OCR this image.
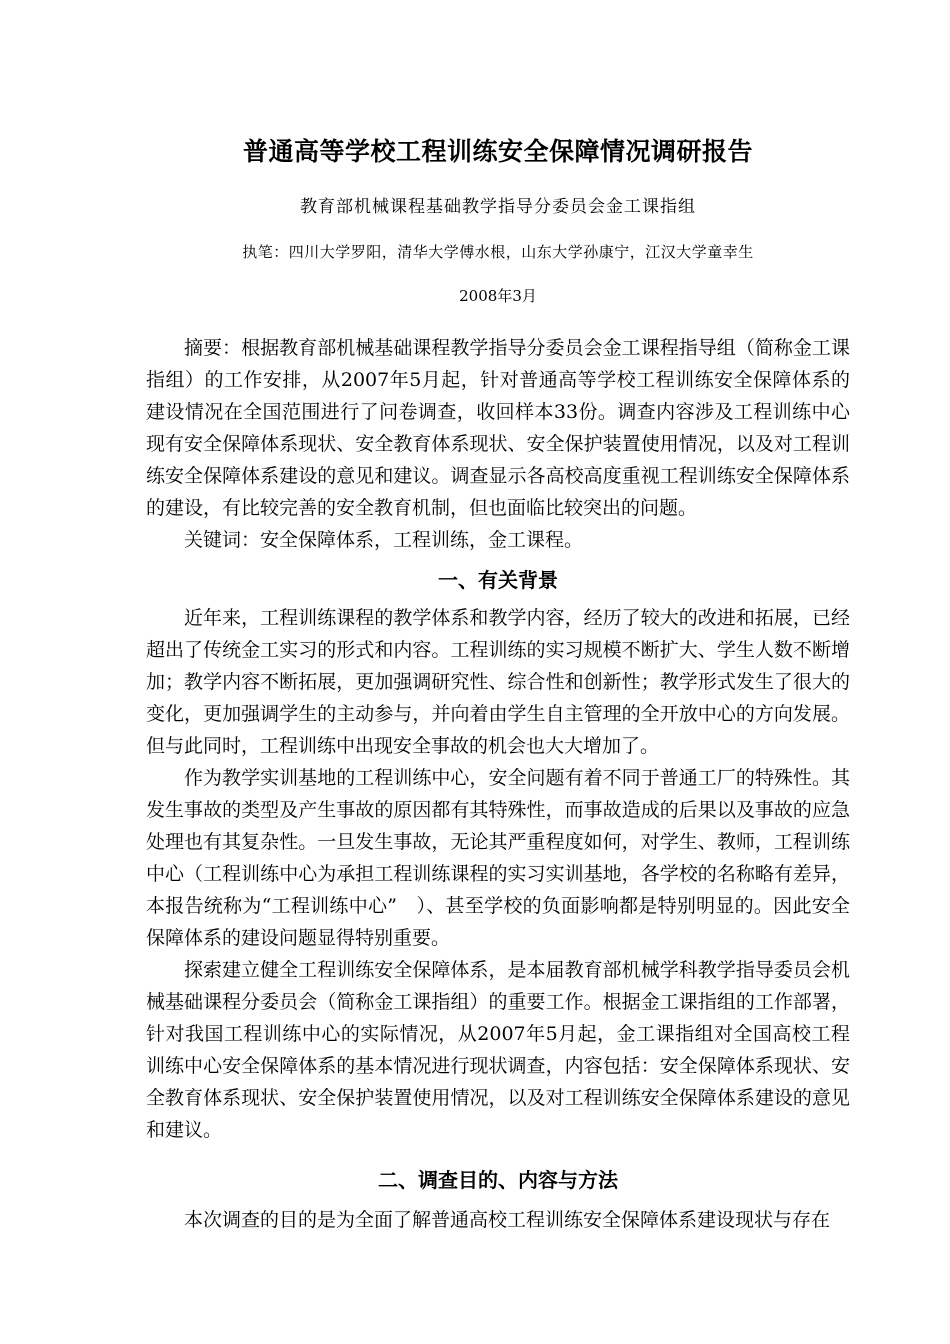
普通高等学校工程训练安全保障情况调研报告
教育部机械课程基础教学指导分委员会金工课指组
执笔：四川大学罗阳，清华大学傅水根，山东大学孙康宁，江汉大学童幸生
2008年3月

摘要：根据教育部机械基础课程教学指导分委员会金工课程指导组（简称金工课指组）的工作安排，从2007年5月起，针对普通高等学校工程训练安全保障体系的建设情况在全国范围进行了问卷调查，收回样本33份。调查内容涉及工程训练中心现有安全保障体系现状、安全教育体系现状、安全保护装置使用情况，以及对工程训练安全保障体系建设的意见和建议。调查显示各高校高度重视工程训练安全保障体系的建设，有比较完善的安全教育机制，但也面临比较突出的问题。

关键词：安全保障体系，工程训练，金工课程。

一、有关背景

近年来，工程训练课程的教学体系和教学内容，经历了较大的改进和拓展，已经超出了传统金工实习的形式和内容。工程训练的实习规模不断扩大、学生人数不断增加；教学内容不断拓展，更加强调研究性、综合性和创新性；教学形式发生了很大的变化，更加强调学生的主动参与，并向着由学生自主管理的全开放中心的方向发展。但与此同时，工程训练中出现安全事故的机会也大大增加了。

作为教学实训基地的工程训练中心，安全问题有着不同于普通工厂的特殊性。其发生事故的类型及产生事故的原因都有其特殊性，而事故造成的后果以及事故的应急处理也有其复杂性。一旦发生事故，无论其严重程度如何，对学生、教师，工程训练中心（工程训练中心为承担工程训练课程的实习实训基地，各学校的名称略有差异，本报告统称为“工程训练中心”　）、甚至学校的负面影响都是特别明显的。因此安全保障体系的建设问题显得特别重要。

探索建立健全工程训练安全保障体系，是本届教育部机械学科教学指导委员会机械基础课程分委员会（简称金工课指组）的重要工作。根据金工课指组的工作部署，针对我国工程训练中心的实际情况，从2007年5月起，金工课指组对全国高校工程训练中心安全保障体系的基本情况进行现状调查，内容包括：安全保障体系现状、安全教育体系现状、安全保护装置使用情况，以及对工程训练安全保障体系建设的意见和建议。

二、调查目的、内容与方法

本次调查的目的是为全面了解普通高校工程训练安全保障体系建设现状与存在
